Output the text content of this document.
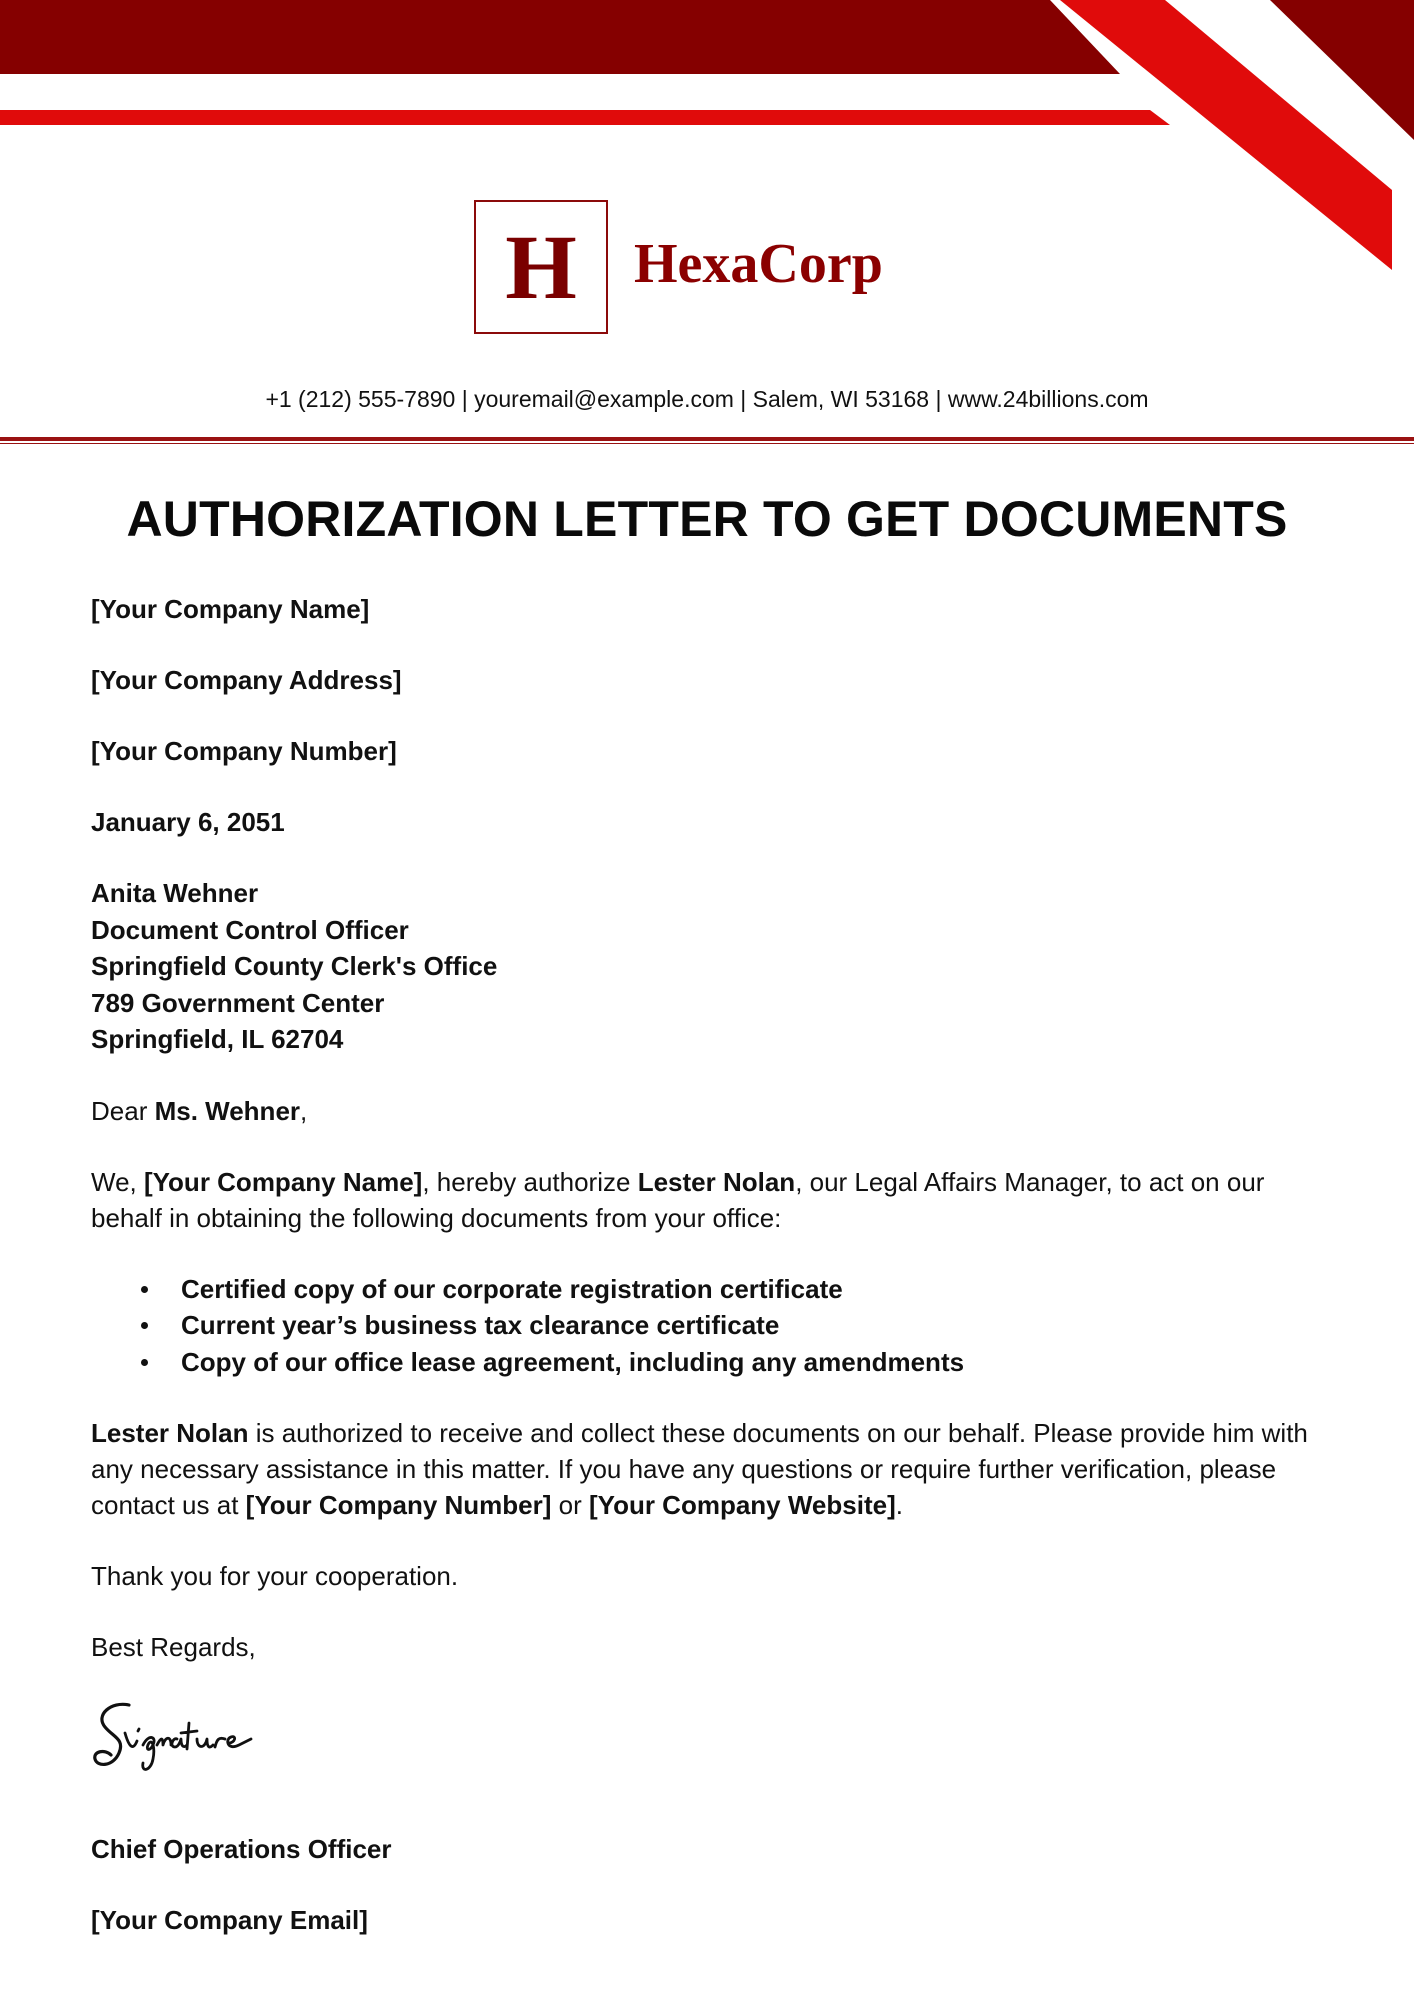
H HexaCorp
+1 (212) 555-7890 | youremail@example.com | Salem, WI 53168 | www.24billions.com
AUTHORIZATION LETTER TO GET DOCUMENTS

[Your Company Name]

[Your Company Address]

[Your Company Number]

January 6, 2051

Anita Wehner
Document Control Officer
Springfield County Clerk's Office
789 Government Center
Springfield, IL 62704

Dear Ms. Wehner,

We, [Your Company Name], hereby authorize Lester Nolan, our Legal Affairs Manager, to act on our behalf in obtaining the following documents from your office:

Certified copy of our corporate registration certificate
Current year’s business tax clearance certificate
Copy of our office lease agreement, including any amendments

Lester Nolan is authorized to receive and collect these documents on our behalf. Please provide him with any necessary assistance in this matter. If you have any questions or require further verification, please contact us at [Your Company Number] or [Your Company Website].

Thank you for your cooperation.

Best Regards,

Chief Operations Officer

[Your Company Email]
